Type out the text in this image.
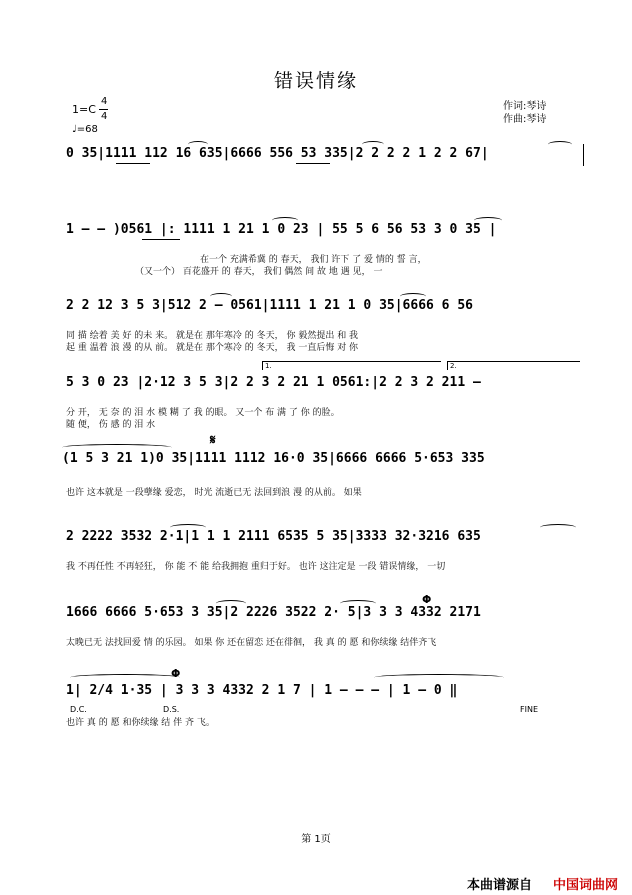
错误情缘
1=C
4
4
♩=68
作词:琴诗
作曲:琴诗
0 35|1111 112 16 635|6666 556 53 335|2 2 2 2 1 2 2 67|
1 — — )0561 |: 1111 1 21 1 0 23 | 55 5 6 56 53 3 0 35 |
在一个 充满希冀 的 春天， 我们 许下 了 爱 情的 誓 言，
（又一个） 百花盛开 的 春天， 我们 偶然 间 故 地 遇 见， 一
2 2 12 3 5 3|512 2 — 0561|1111 1 21 1 0 35|6666 6 56
同 描 绘着 美 好 的未 来。 就是在 那年寒冷 的 冬天， 你 毅然提出 和 我
起 重 温着 浪 漫 的从 前。 就是在 那个寒冷 的 冬天， 我 一直后悔 对 你
1.	2.
5 3 0 23 |2·12 3 5 3|2 2 3 2 21 1 0561:|2 2 3 2 211 —
分 开， 无 奈 的 泪 水 模 糊 了 我 的眼。 又一个 布 满 了 你 的脸。
随 便， 伤 感 的 泪 水
𝄋
(1 5 3 21 1)0 35|1111 1112 16·0 35|6666 6666 5·653 335
也许 这本就是 一段孽缘 爱恋， 时光 流逝已无 法回到浪 漫 的从前。 如果
2 2222 3532 2·1|1 1 1 2111 6535 5 35|3333 32·3216 635
我 不再任性 不再轻狂， 你 能 不 能 给我拥抱 重归于好。 也许 这注定是 一段 错误情缘， 一切
Φ
1666 6666 5·653 3 35|2 2226 3522 2· 5|3 3 3 4332 2171
太晚已无 法找回爱 情 的乐园。 如果 你 还在留恋 还在徘徊， 我 真 的 愿 和你续缘 结伴齐飞
Φ
1| 2/4 1·35 | 3 3 3 4332 2 1 7 | 1 — — — | 1 — 0 ‖
D.C.	D.S.	FINE
也许 真 的 愿 和你续缘 结 伴 齐 飞。
第 1页
本曲谱源自 中国词曲网
